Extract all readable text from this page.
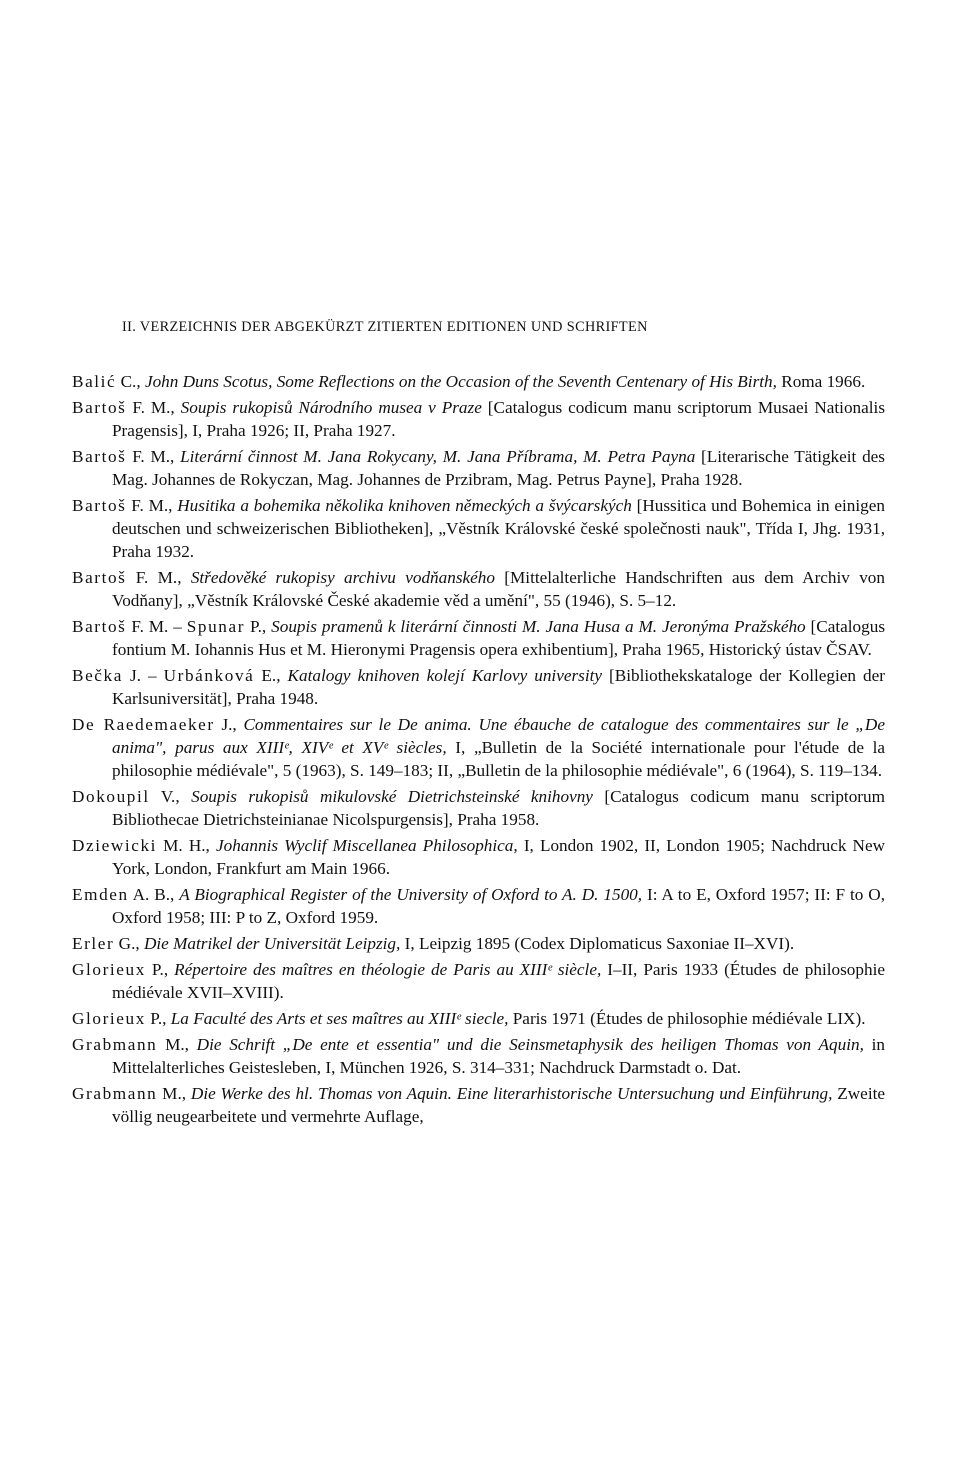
II. VERZEICHNIS DER ABGEKÜRZT ZITIERTEN EDITIONEN UND SCHRIFTEN

Balić C., John Duns Scotus, Some Reflections on the Occasion of the Seventh Centenary of His Birth, Roma 1966.

Bartoš F. M., Soupis rukopisů Národního musea v Praze [Catalogus codicum manu scriptorum Musaei Nationalis Pragensis], I, Praha 1926; II, Praha 1927.

Bartoš F. M., Literární činnost M. Jana Rokycany, M. Jana Příbrama, M. Petra Payna [Literarische Tätigkeit des Mag. Johannes de Rokyczan, Mag. Johannes de Przibram, Mag. Petrus Payne], Praha 1928.

Bartoš F. M., Husitika a bohemika několika knihoven německých a švýcarských [Hussitica und Bohemica in einigen deutschen und schweizerischen Bibliotheken], „Věstník Královské české společnosti nauk", Třída I, Jhg. 1931, Praha 1932.

Bartoš F. M., Středověké rukopisy archivu vodňanského [Mittelalterliche Handschriften aus dem Archiv von Vodňany], „Věstník Královské České akademie věd a umění", 55 (1946), S. 5–12.

Bartoš F. M. – Spunar P., Soupis pramenů k literární činnosti M. Jana Husa a M. Jeronýma Pražského [Catalogus fontium M. Iohannis Hus et M. Hieronymi Pragensis opera exhibentium], Praha 1965, Historický ústav ČSAV.

Bečka J. – Urbánková E., Katalogy knihoven kolejí Karlovy university [Bibliothekskataloge der Kollegien der Karlsuniversität], Praha 1948.

De Raedemaeker J., Commentaires sur le De anima. Une ébauche de catalogue des commentaires sur le „De anima", parus aux XIIIᵉ, XIVᵉ et XVᵉ siècles, I, „Bulletin de la Société internationale pour l'étude de la philosophie médiévale", 5 (1963), S. 149–183; II, „Bulletin de la philosophie médiévale", 6 (1964), S. 119–134.

Dokoupil V., Soupis rukopisů mikulovské Dietrichsteinské knihovny [Catalogus codicum manu scriptorum Bibliothecae Dietrichsteinianae Nicolspurgensis], Praha 1958.

Dziewicki M. H., Johannis Wyclif Miscellanea Philosophica, I, London 1902, II, London 1905; Nachdruck New York, London, Frankfurt am Main 1966.

Emden A. B., A Biographical Register of the University of Oxford to A. D. 1500, I: A to E, Oxford 1957; II: F to O, Oxford 1958; III: P to Z, Oxford 1959.

Erler G., Die Matrikel der Universität Leipzig, I, Leipzig 1895 (Codex Diplomaticus Saxoniae II–XVI).

Glorieux P., Répertoire des maîtres en théologie de Paris au XIIIᵉ siècle, I–II, Paris 1933 (Études de philosophie médiévale XVII–XVIII).

Glorieux P., La Faculté des Arts et ses maîtres au XIIIᵉ siecle, Paris 1971 (Études de philosophie médiévale LIX).

Grabmann M., Die Schrift „De ente et essentia" und die Seinsmetaphysik des heiligen Thomas von Aquin, in Mittelalterliches Geistesleben, I, München 1926, S. 314–331; Nachdruck Darmstadt o. Dat.

Grabmann M., Die Werke des hl. Thomas von Aquin. Eine literarhistorische Untersuchung und Einführung, Zweite völlig neugearbeitete und vermehrte Auflage,
